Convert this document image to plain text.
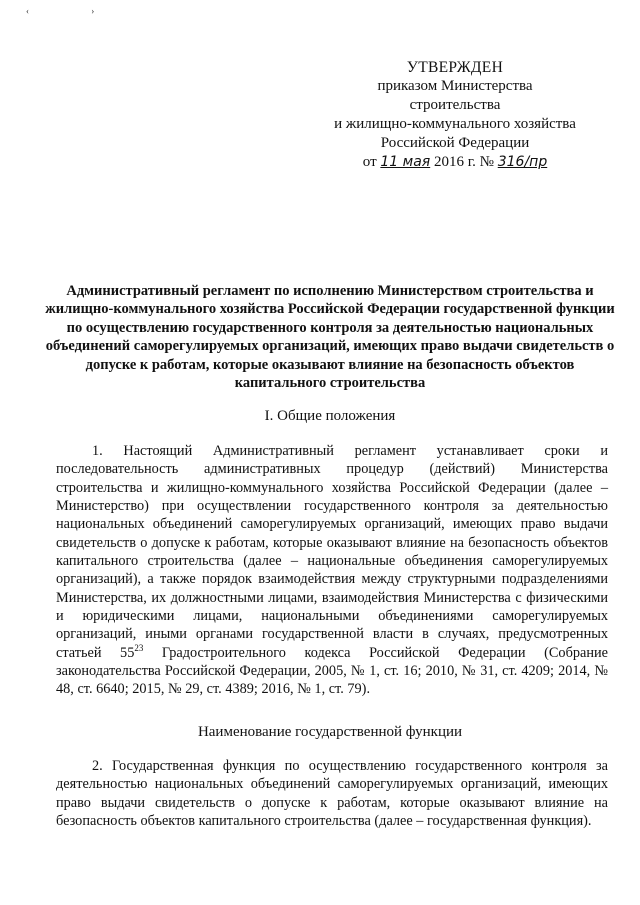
‹ ›
УТВЕРЖДЕН
приказом Министерства
строительства
и жилищно-коммунального хозяйства
Российской Федерации
от 11 мая 2016 г. № 316/пр
Административный регламент по исполнению Министерством строительства и жилищно-коммунального хозяйства Российской Федерации государственной функции по осуществлению государственного контроля за деятельностью национальных объединений саморегулируемых организаций, имеющих право выдачи свидетельств о допуске к работам, которые оказывают влияние на безопасность объектов капитального строительства
I. Общие положения
1. Настоящий Административный регламент устанавливает сроки и последовательность административных процедур (действий) Министерства строительства и жилищно-коммунального хозяйства Российской Федерации (далее – Министерство) при осуществлении государственного контроля за деятельностью национальных объединений саморегулируемых организаций, имеющих право выдачи свидетельств о допуске к работам, которые оказывают влияние на безопасность объектов капитального строительства (далее – национальные объединения саморегулируемых организаций), а также порядок взаимодействия между структурными подразделениями Министерства, их должностными лицами, взаимодействия Министерства с физическими и юридическими лицами, национальными объединениями саморегулируемых организаций, иными органами государственной власти в случаях, предусмотренных статьей $55^{23}$ Градостроительного кодекса Российской Федерации (Собрание законодательства Российской Федерации, 2005, № 1, ст. 16; 2010, № 31, ст. 4209; 2014, № 48, ст. 6640; 2015, № 29, ст. 4389; 2016, № 1, ст. 79).
Наименование государственной функции
2. Государственная функция по осуществлению государственного контроля за деятельностью национальных объединений саморегулируемых организаций, имеющих право выдачи свидетельств о допуске к работам, которые оказывают влияние на безопасность объектов капитального строительства (далее – государственная функция).
